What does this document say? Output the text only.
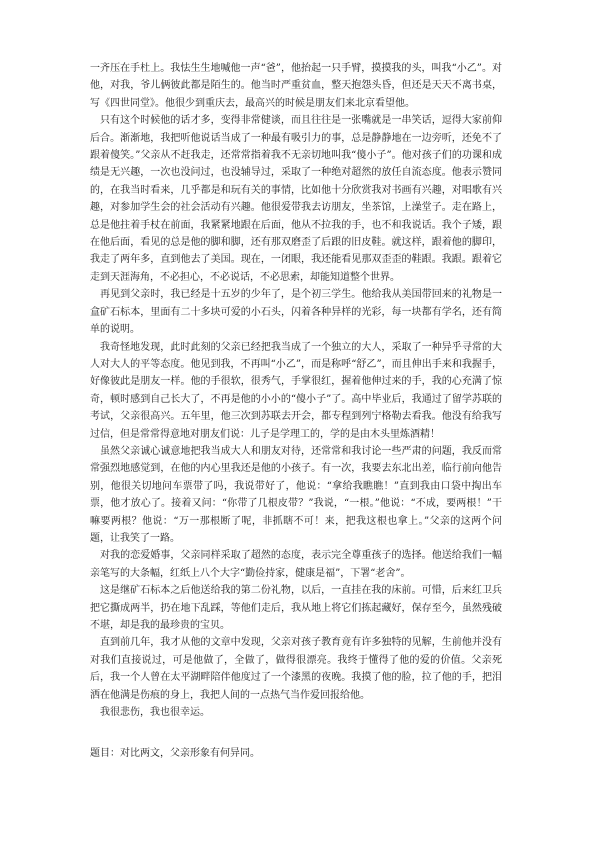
一齐压在手杜上。我怯生生地喊他一声“爸”，他抬起一只手臂，摸摸我的头，叫我“小乙”。对他，对我，爷儿俩彼此都是陌生的。他当时严重贫血，整天抱怨头昏，但还是天天不离书桌，写《四世同堂》。他很少到重庆去，最高兴的时候是朋友们来北京看望他。

只有这个时候他的话才多，变得非常健谈，而且往往是一张嘴就是一串笑话，逗得大家前仰后合。渐渐地，我把听他说话当成了一种最有吸引力的事，总是静静地在一边旁听，还免不了跟着傻笑。”父亲从不赶我走，还常常指着我不无亲切地叫我“傻小子”。他对孩子们的功课和成绩是无兴趣，一次也没问过，也没辅导过，采取了一种绝对超然的放任自流态度。他表示赞同的，在我当时看来，几乎都是和玩有关的事情，比如他十分欣赏我对书画有兴趣，对唱歌有兴趣，对参加学生会的社会活动有兴趣。他很爱带我去访朋友，坐茶馆，上澡堂子。走在路上，总是他拄着手杖在前面，我紧紧地跟在后面，他从不拉我的手，也不和我说话。我个子矮，跟在他后面，看见的总是他的脚和脚，还有那双磨歪了后跟的旧皮鞋。就这样，跟着他的脚印，我走了两年多，直到他去了美国。现在，一闭眼，我还能看见那双歪歪的鞋跟。我跟。跟着它走到天涯海角，不必担心，不必说话，不必思索，却能知道整个世界。

再见到父亲时，我已经是十五岁的少年了，是个初三学生。他给我从美国带回来的礼物是一盒矿石标本，里面有二十多块可爱的小石头，闪着各种异样的光彩，每一块都有学名，还有简单的说明。

我奇怪地发现，此时此刻的父亲已经把我当成了一个独立的大人，采取了一种异乎寻常的大人对大人的平等态度。他见到我，不再叫“小乙”，而是称呼“舒乙”，而且伸出手来和我握手，好像彼此是朋友一样。他的手很软，很秀气，手掌很红，握着他伸过来的手，我的心充满了惊奇，顿时感到自己长大了，不再是他的小小的“傻小子”了。高中毕业后，我通过了留学苏联的考试，父亲很高兴。五年里，他三次到苏联去开会，都专程到列宁格勒去看我。他没有给我写过信，但是常常得意地对朋友们说：儿子是学理工的，学的是由木头里炼酒精！

虽然父亲诚心诚意地把我当成大人和朋友对待，还常常和我讨论一些严肃的问题，我反而常常强烈地感觉到，在他的内心里我还是他的小孩子。有一次，我要去东北出差，临行前向他告别，他很关切地问车票带了吗，我说带好了，他说：“拿给我瞧瞧！”直到我由口袋中掏出车票，他才放心了。接着又问：“你带了几根皮带？”我说，“一根。”他说：“不成，要两根！”干嘛要两根？他说：“万一那根断了呢，非抓瞎不可！来，把我这根也拿上。”父亲的这两个问题，让我笑了一路。

对我的恋爱婚事，父亲同样采取了超然的态度，表示完全尊重孩子的选择。他送给我们一幅亲笔写的大条幅，红纸上八个大字“勤俭持家，健康是福”，下署“老舍”。

这是继矿石标本之后他送给我的第二份礼物，以后，一直挂在我的床前。可惜，后来红卫兵把它撕成两半，扔在地下乱踩，等他们走后，我从地上将它们拣起藏好，保存至今，虽然残破不堪，却是我的最珍贵的宝贝。

直到前几年，我才从他的文章中发现，父亲对孩子教育竟有许多独特的见解，生前他并没有对我们直接说过，可是他做了，全做了，做得很漂亮。我终于懂得了他的爱的价值。父亲死后，我一个人曾在太平湖畔陪伴他度过了一个漆黑的夜晚。我摸了他的脸，拉了他的手，把泪洒在他满是伤痕的身上，我把人间的一点热气当作爱回报给他。

我很悲伤，我也很幸运。

题目：对比两文，父亲形象有何异同。
